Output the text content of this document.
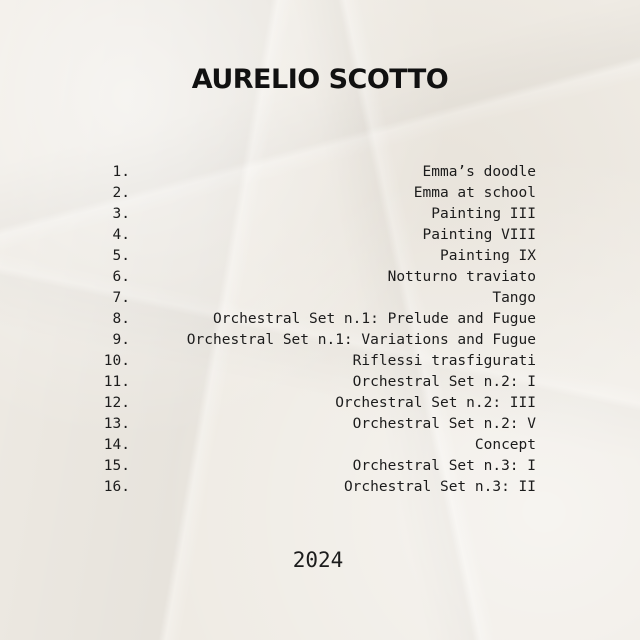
AURELIO SCOTTO
1.	Emma’s doodle
2.	Emma at school
3.	Painting III
4.	Painting VIII
5.	Painting IX
6.	Notturno traviato
7.	Tango
8.	Orchestral Set n.1: Prelude and Fugue
9.	Orchestral Set n.1: Variations and Fugue
10.	Riflessi trasfigurati
11.	Orchestral Set n.2: I
12.	Orchestral Set n.2: III
13.	Orchestral Set n.2: V
14.	Concept
15.	Orchestral Set n.3: I
16.	Orchestral Set n.3: II
2024
